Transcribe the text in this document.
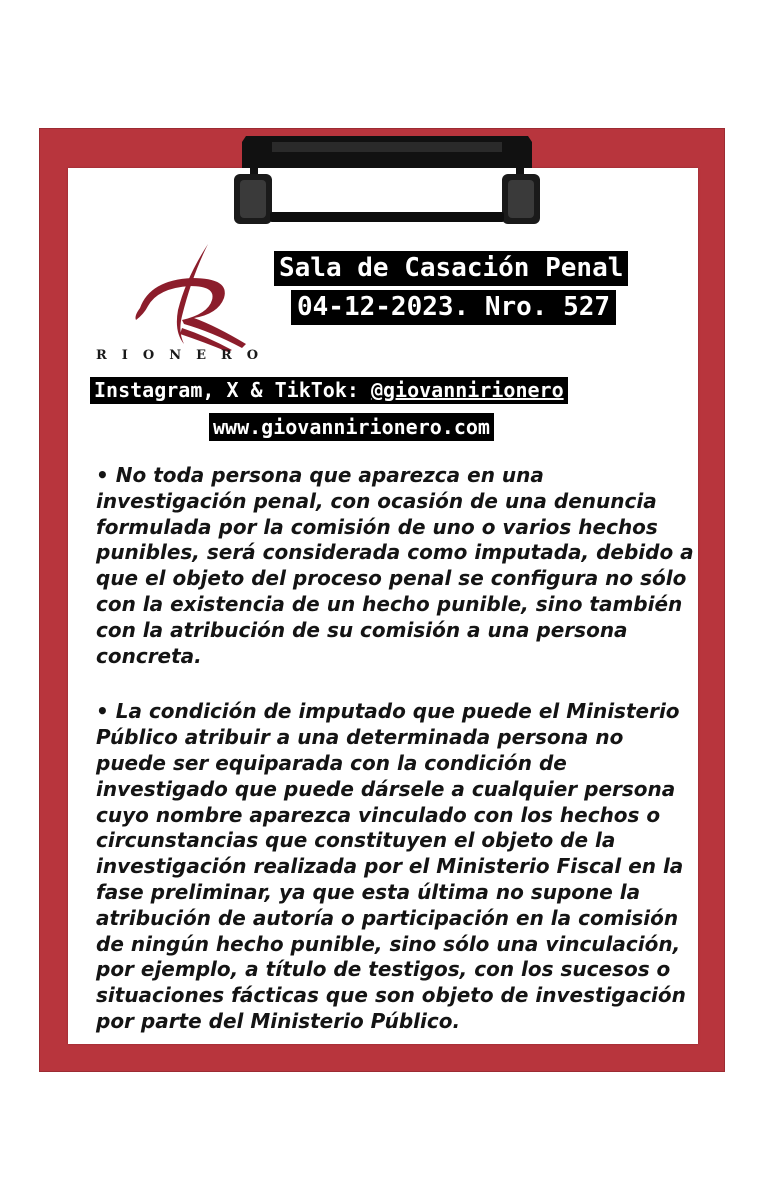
RIONERO
Sala de Casación Penal
04-12-2023. Nro. 527
Instagram, X & TikTok: @giovannirionero
www.giovannirionero.com

• No toda persona que aparezca en una investigación penal, con ocasión de una denuncia formulada por la comisión de uno o varios hechos punibles, será considerada como imputada, debido a que el objeto del proceso penal se configura no sólo con la existencia de un hecho punible, sino también con la atribución de su comisión a una persona concreta.

• La condición de imputado que puede el Ministerio Público atribuir a una determinada persona no puede ser equiparada con la condición de investigado que puede dársele a cualquier persona cuyo nombre aparezca vinculado con los hechos o circunstancias que constituyen el objeto de la investigación realizada por el Ministerio Fiscal en la fase preliminar, ya que esta última no supone la atribución de autoría o participación en la comisión de ningún hecho punible, sino sólo una vinculación, por ejemplo, a título de testigos, con los sucesos o situaciones fácticas que son objeto de investigación por parte del Ministerio Público.
